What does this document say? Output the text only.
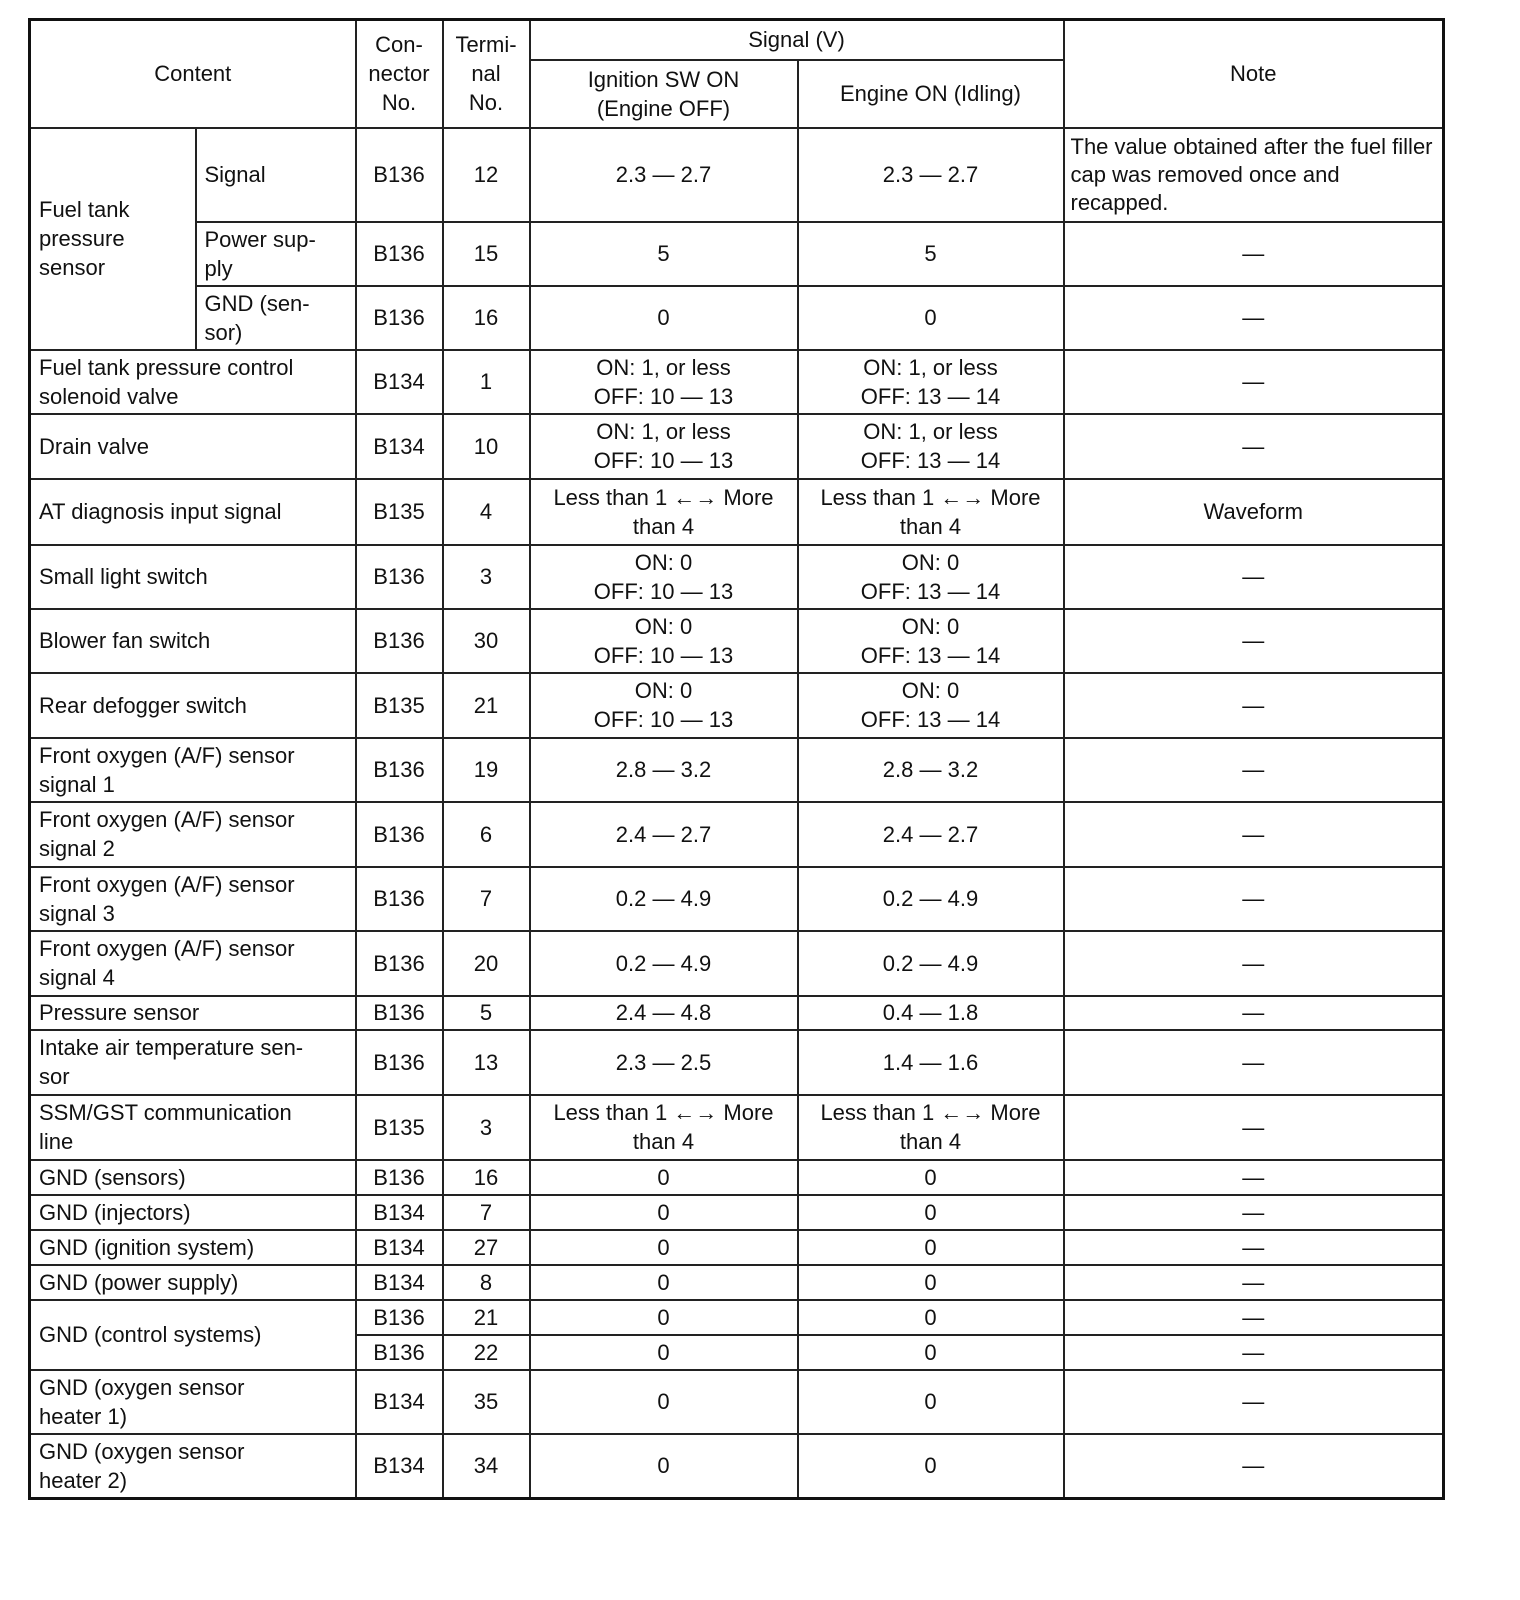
Content		Con-
nector
No.	Termi-
nal
No.	Signal (V)		Note
				Ignition SW ON
(Engine OFF)	Engine ON (Idling)	
Fuel tank
pressure
sensor	Signal	B136	12	2.3 — 2.7	2.3 — 2.7	The value obtained after the fuel filler cap was removed once and recapped.
	Power sup-
ply	B136	15	5	5	—
	GND (sen-
sor)	B136	16	0	0	—
Fuel tank pressure control solenoid valve		B134	1	ON: 1, or less
OFF: 10 — 13	ON: 1, or less
OFF: 13 — 14	—
Drain valve		B134	10	ON: 1, or less
OFF: 10 — 13	ON: 1, or less
OFF: 13 — 14	—
AT diagnosis input signal		B135	4	Less than 1 ←→ More
than 4	Less than 1 ←→ More
than 4	Waveform
Small light switch		B136	3	ON: 0
OFF: 10 — 13	ON: 0
OFF: 13 — 14	—
Blower fan switch		B136	30	ON: 0
OFF: 10 — 13	ON: 0
OFF: 13 — 14	—
Rear defogger switch		B135	21	ON: 0
OFF: 10 — 13	ON: 0
OFF: 13 — 14	—
Front oxygen (A/F) sensor
signal 1		B136	19	2.8 — 3.2	2.8 — 3.2	—
Front oxygen (A/F) sensor
signal 2		B136	6	2.4 — 2.7	2.4 — 2.7	—
Front oxygen (A/F) sensor
signal 3		B136	7	0.2 — 4.9	0.2 — 4.9	—
Front oxygen (A/F) sensor
signal 4		B136	20	0.2 — 4.9	0.2 — 4.9	—
Pressure sensor		B136	5	2.4 — 4.8	0.4 — 1.8	—
Intake air temperature sen-
sor		B136	13	2.3 — 2.5	1.4 — 1.6	—
SSM/GST communication
line		B135	3	Less than 1 ←→ More
than 4	Less than 1 ←→ More
than 4	—
GND (sensors)		B136	16	0	0	—
GND (injectors)		B134	7	0	0	—
GND (ignition system)		B134	27	0	0	—
GND (power supply)		B134	8	0	0	—
GND (control systems)		B136	21	0	0	—
		B136	22	0	0	—
GND (oxygen sensor
heater 1)		B134	35	0	0	—
GND (oxygen sensor
heater 2)		B134	34	0	0	—
